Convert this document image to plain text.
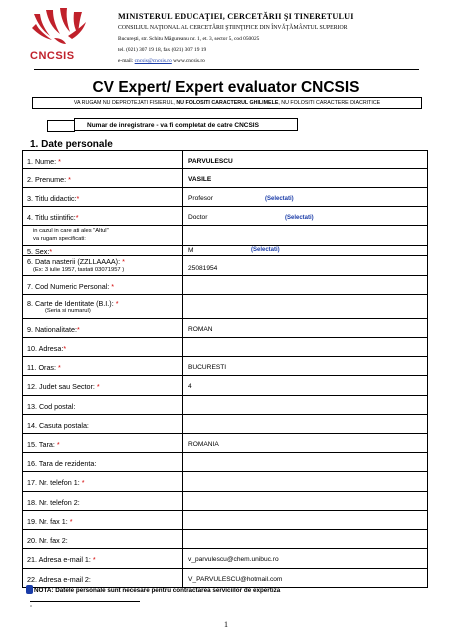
CNCSIS
MINISTERUL EDUCAŢIEI, CERCETĂRII ŞI TINERETULUI
CONSILIUL NAŢIONAL AL CERCETĂRII ŞTIINŢIFICE DIN ÎNVĂŢĂMÂNTUL SUPERIOR
Bucureşti, str. Schitu Măgureanu nr. 1, et. 3, sector 5, cod 050025
tel. (021) 307 19 18, fax (021) 307 19 19
e-mail: cncsis@cncsis.ro www.cncsis.ro
CV Expert/ Expert evaluator CNCSIS
VA RUGAM NU DEPROTEJATI FISIERUL, NU FOLOSITI CARACTERUL GHILIMELE, NU FOLOSITI CARACTERE DIACRITICE
Numar de inregistrare - va fi completat de catre CNCSIS
1. Date personale
1. Nume: *	PARVULESCU
2. Prenume: *	VASILE
3. Titlu didactic:*	Profesor	(Selectati)
4. Titlu stiintific:*	Doctor	(Selectati)
in cazul in care ati ales "Altul"
va rugam specificati:
5. Sex:*	M	(Selectati)
6. Data nasterii (ZZLLAAAA): *
(Ex: 3 iulie 1957, tastati 03071957 )	25081954
7. Cod Numeric Personal: *
8. Carte de Identitate (B.I.): *
(Seria si numarul)
9. Nationalitate:*	ROMAN
10. Adresa:*
11. Oras: *	BUCURESTI
12. Judet sau Sector: *	4
13. Cod postal:
14. Casuta postala:
15. Tara: *	ROMANIA
16. Tara de rezidenta:
17. Nr. telefon 1: *
18. Nr. telefon 2:
19. Nr. fax 1: *
20. Nr. fax 2:
21. Adresa e-mail 1: *	v_parvulescu@chem.unibuc.ro
22. Adresa e-mail 2:	V_PARVULESCU@hotmail.com
NOTA: Datele personale sunt necesare pentru contractarea serviciilor de expertiza
°
1
